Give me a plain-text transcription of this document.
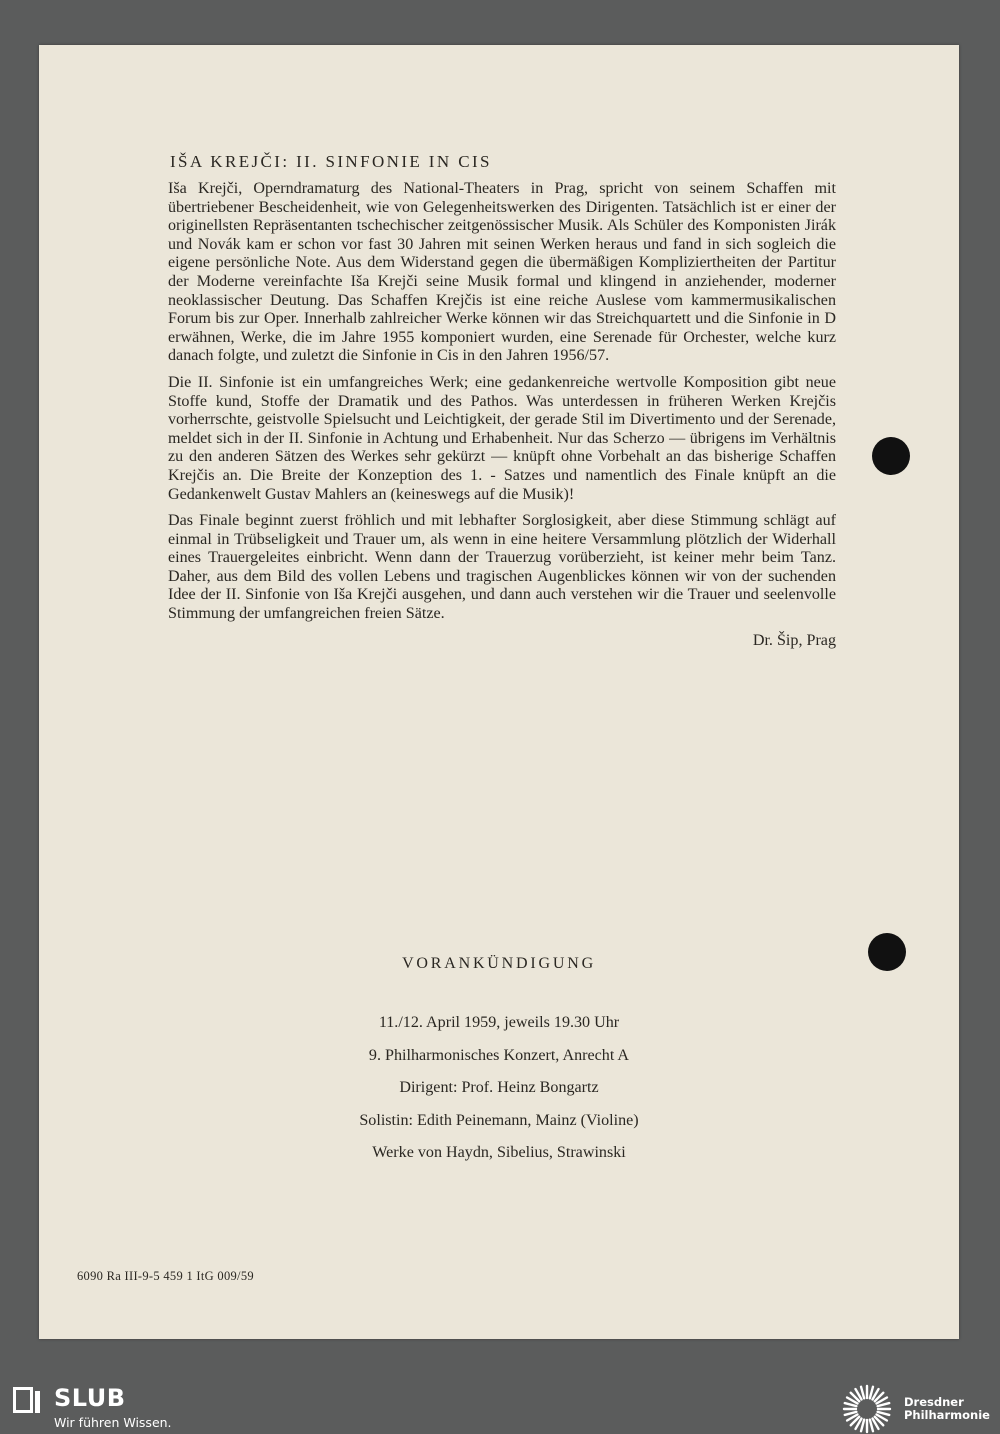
IŠA KREJČI: II. SINFONIE IN CIS

Iša Krejči, Operndramaturg des National-Theaters in Prag, spricht von seinem Schaffen mit übertriebener Bescheidenheit, wie von Gelegenheitswerken des Dirigenten. Tatsächlich ist er einer der originellsten Repräsentanten tschechischer zeitgenössischer Musik. Als Schüler des Komponisten Jirák und Novák kam er schon vor fast 30 Jahren mit seinen Werken heraus und fand in sich sogleich die eigene persönliche Note. Aus dem Widerstand gegen die übermäßigen Kompliziertheiten der Partitur der Moderne vereinfachte Iša Krejči seine Musik formal und klingend in anziehender, moderner neoklassischer Deutung. Das Schaffen Krejčis ist eine reiche Auslese vom kammermusikalischen Forum bis zur Oper. Innerhalb zahlreicher Werke können wir das Streichquartett und die Sinfonie in D erwähnen, Werke, die im Jahre 1955 komponiert wurden, eine Serenade für Orchester, welche kurz danach folgte, und zuletzt die Sinfonie in Cis in den Jahren 1956/57.

Die II. Sinfonie ist ein umfangreiches Werk; eine gedankenreiche wertvolle Komposition gibt neue Stoffe kund, Stoffe der Dramatik und des Pathos. Was unterdessen in früheren Werken Krejčis vorherrschte, geistvolle Spielsucht und Leichtigkeit, der gerade Stil im Divertimento und der Serenade, meldet sich in der II. Sinfonie in Achtung und Erhabenheit. Nur das Scherzo — übrigens im Verhältnis zu den anderen Sätzen des Werkes sehr gekürzt — knüpft ohne Vorbehalt an das bisherige Schaffen Krejčis an. Die Breite der Konzeption des 1. - Satzes und namentlich des Finale knüpft an die Gedankenwelt Gustav Mahlers an (keineswegs auf die Musik)!

Das Finale beginnt zuerst fröhlich und mit lebhafter Sorglosigkeit, aber diese Stimmung schlägt auf einmal in Trübseligkeit und Trauer um, als wenn in eine heitere Versammlung plötzlich der Widerhall eines Trauergeleites einbricht. Wenn dann der Trauerzug vorüberzieht, ist keiner mehr beim Tanz. Daher, aus dem Bild des vollen Lebens und tragischen Augenblickes können wir von der suchenden Idee der II. Sinfonie von Iša Krejči ausgehen, und dann auch verstehen wir die Trauer und seelenvolle Stimmung der umfangreichen freien Sätze.

Dr. Šip, Prag
VORANKÜNDIGUNG
11./12. April 1959, jeweils 19.30 Uhr
9. Philharmonisches Konzert, Anrecht A
Dirigent: Prof. Heinz Bongartz
Solistin: Edith Peinemann, Mainz (Violine)
Werke von Haydn, Sibelius, Strawinski
6090 Ra III-9-5 459 1 ItG 009/59
SLUB
Wir führen Wissen.
Dresdner
Philharmonie
